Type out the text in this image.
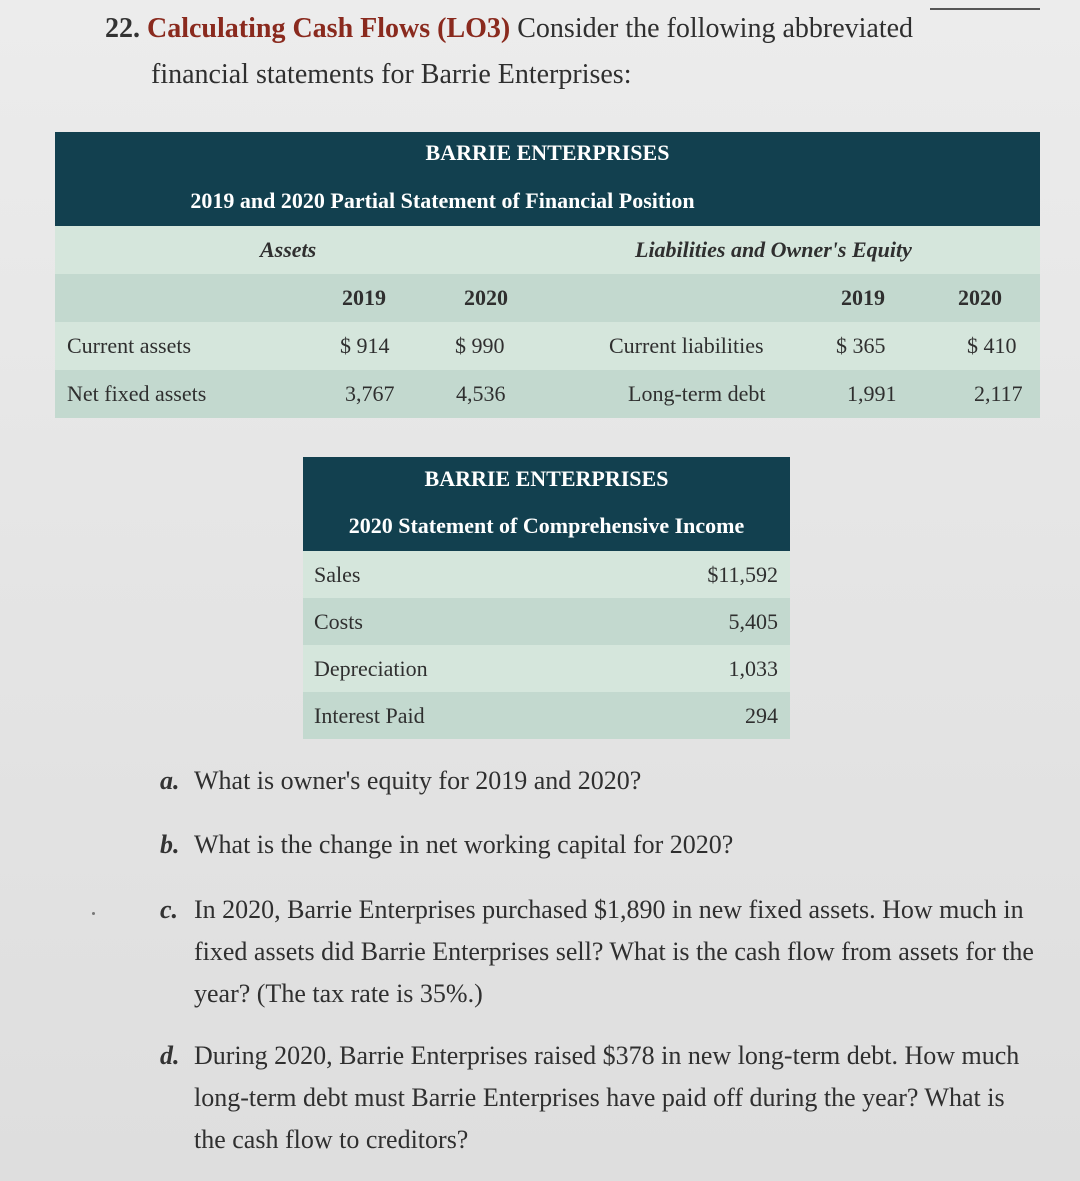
22. Calculating Cash Flows (LO3) Consider the following abbreviated
financial statements for Barrie Enterprises:
BARRIE ENTERPRISES
2019 and 2020 Partial Statement of Financial Position
Assets	Liabilities and Owner's Equity
2019	2020	2019	2020
Current assets	$ 914	$ 990	Current liabilities	$ 365	$ 410
Net fixed assets	3,767	4,536	Long-term debt	1,991	2,117
BARRIE ENTERPRISES
2020 Statement of Comprehensive Income
Sales	$11,592
Costs	5,405
Depreciation	1,033
Interest Paid	294
a. What is owner's equity for 2019 and 2020?
b. What is the change in net working capital for 2020?
c. In 2020, Barrie Enterprises purchased $1,890 in new fixed assets. How much in fixed assets did Barrie Enterprises sell? What is the cash flow from assets for the year? (The tax rate is 35%.)
d. During 2020, Barrie Enterprises raised $378 in new long-term debt. How much long-term debt must Barrie Enterprises have paid off during the year? What is the cash flow to creditors?
